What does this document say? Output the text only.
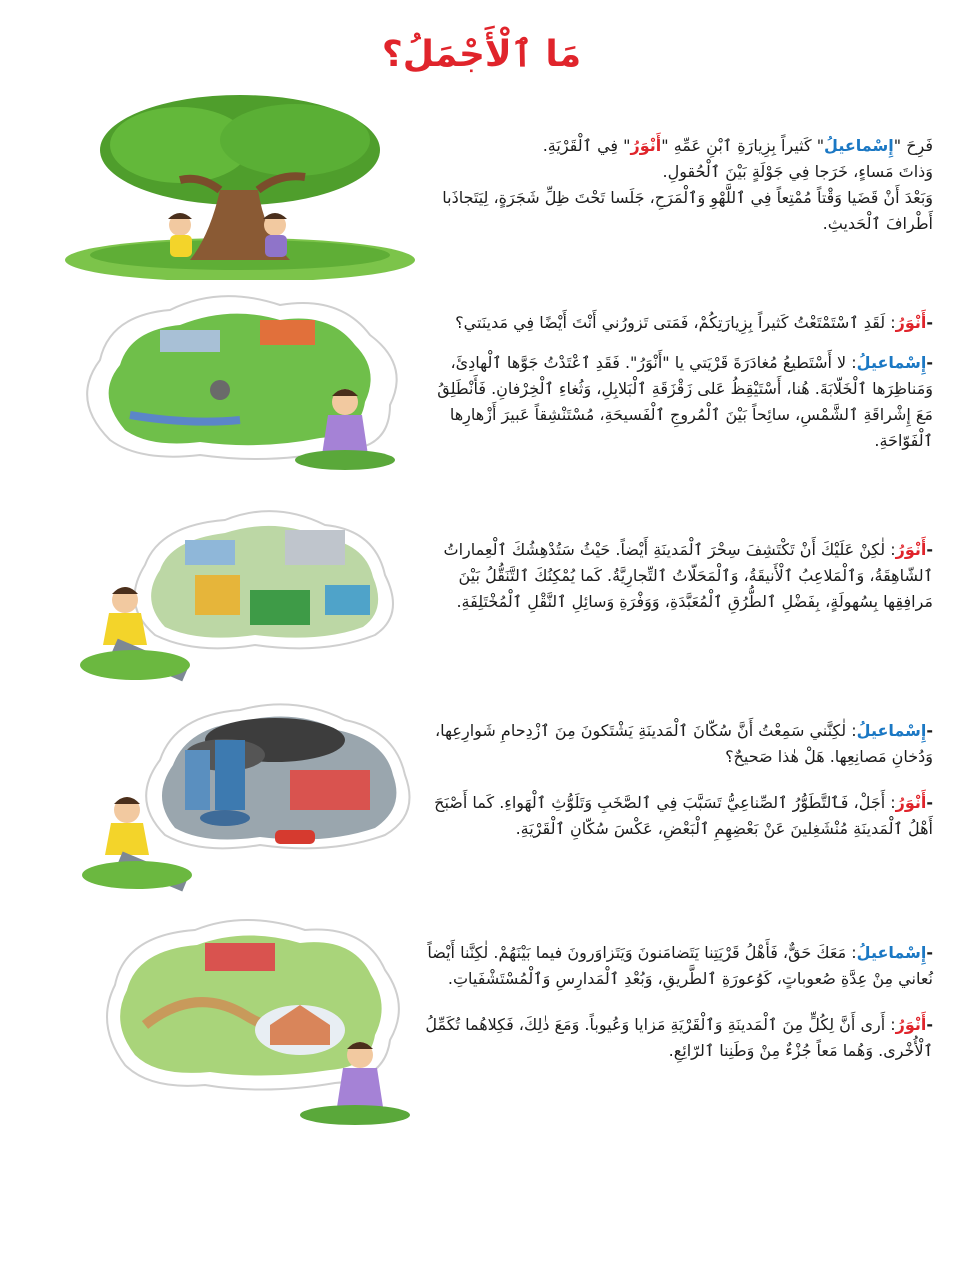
مَا ٱلْأَجْمَلُ؟

فَرِحَ "إِسْماعيلُ" كَثيراً بِزِيارَةِ ٱبْنِ عَمِّهِ "أَنْوَرُ" فِي ٱلْقَرْيَةِ.
وَذاتَ مَساءٍ، خَرَجا فِي جَوْلَةٍ بَيْنَ ٱلْحُقولِ.
وَبَعْدَ أَنْ قَضَيا وَقْتاً مُمْتِعاً فِي ٱللَّهْوِ وَٱلْمَرَحِ، جَلَسا تَحْتَ ظِلِّ شَجَرَةٍ، لِيَتَجاذَبا أَطْرافَ ٱلْحَديثِ.

-أَنْوَرُ: لَقَدِ ٱسْتَمْتَعْتُ كَثيراً بِزِيارَتِكُمْ، فَمَتى تَزورُني أَنْتَ أَيْضًا فِي مَدينَتي؟

-إِسْماعيلُ: لا أَسْتَطيعُ مُغادَرَةَ قَرْيَتي يا "أَنْوَرُ". فَقَدِ ٱعْتَدْتُ جَوَّها ٱلْهادِئَ، وَمَناظِرَها ٱلْخَلّابَةَ. هُنا، أَسْتَيْقِظُ عَلى زَقْزَقَةِ ٱلْبَلابِلِ، وَثُغاءِ ٱلْخِرْفانِ. فَأَنْطَلِقُ مَعَ إِشْراقَةِ ٱلشَّمْسِ، سائِحاً بَيْنَ ٱلْمُروجِ ٱلْفَسيحَةِ، مُسْتَنْشِقاً عَبيرَ أَزْهارِها ٱلْفَوّاحَةِ.

-أَنْوَرُ: لٰكِنْ عَلَيْكَ أَنْ تَكْتَشِفَ سِحْرَ ٱلْمَدينَةِ أَيْضاً. حَيْثُ سَتُدْهِشُكَ ٱلْعِماراتُ ٱلشّاهِقَةُ، وَٱلْمَلاعِبُ ٱلْأَنيقَةُ، وَٱلْمَحَلّاتُ ٱلتِّجارِيَّةُ. كَما يُمْكِنُكَ ٱلتَّنَقُّلُ بَيْنَ مَرافِقِها بِسُهولَةٍ، بِفَضْلِ ٱلطُّرُقِ ٱلْمُعَبَّدَةِ، وَوَفْرَةِ وَسائِلِ ٱلنَّقْلِ ٱلْمُخْتَلِفَةِ.

-إِسْماعيلُ: لٰكِنَّني سَمِعْتُ أَنَّ سُكّانَ ٱلْمَدينَةِ يَشْتَكونَ مِنَ ٱزْدِحامِ شَوارِعِها، وَدُخانِ مَصانِعِها. هَلْ هٰذا صَحيحٌ؟

-أَنْوَرُ: أَجَلْ، فَٱلتَّطَوُّرُ ٱلصِّناعِيُّ تَسَبَّبَ فِي ٱلصَّخَبِ وَتَلَوُّثِ ٱلْهَواءِ. كَما أَصْبَحَ أَهْلُ ٱلْمَدينَةِ مُنْشَغِلينَ عَنْ بَعْضِهِمِ ٱلْبَعْضِ، عَكْسَ سُكّانِ ٱلْقَرْيَةِ.

-إِسْماعيلُ: مَعَكَ حَقٌّ، فَأَهْلُ قَرْيَتِنا يَتَضامَنونَ وَيَتَزاوَرونَ فيما بَيْنَهُمْ. لٰكِنَّنا أَيْضاً نُعاني مِنْ عِدَّةِ صُعوباتٍ، كَوُعورَةِ ٱلطَّريقِ، وَبُعْدِ ٱلْمَدارِسِ وَٱلْمُسْتَشْفَياتِ.

-أَنْوَرُ: أَرى أَنَّ لِكُلٍّ مِنَ ٱلْمَدينَةِ وَٱلْقَرْيَةِ مَزايا وَعُيوباً. وَمَعَ ذٰلِكَ، فَكِلاهُما تُكَمِّلُ ٱلْأُخْرى. وَهُما مَعاً جُزْءٌ مِنْ وَطَنِنا ٱلرّائِعِ.
